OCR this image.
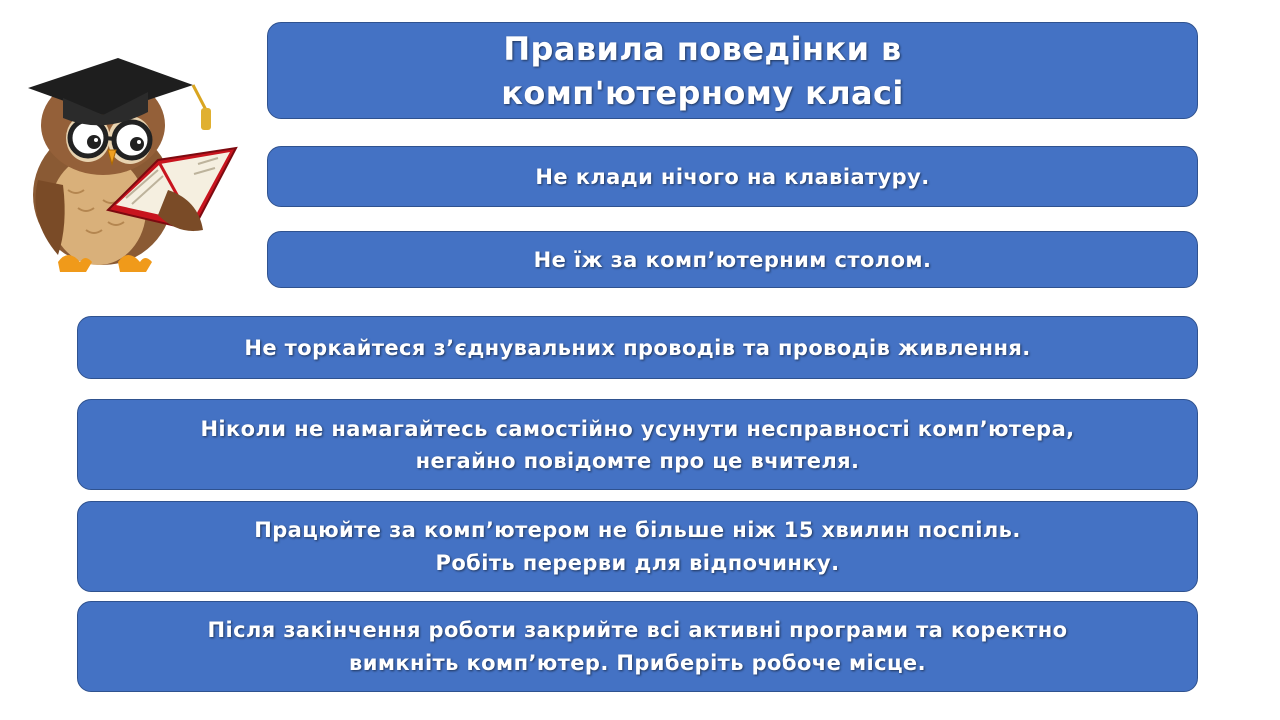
Правила поведінки в
комп'ютерному класі
Не клади нічого на клавіатуру.
Не їж за комп’ютерним столом.
Не торкайтеся з’єднувальних проводів та проводів живлення.
Ніколи не намагайтесь самостійно усунути несправності комп’ютера,
негайно повідомте про це вчителя.
Працюйте за комп’ютером не більше ніж 15 хвилин поспіль.
Робіть перерви для відпочинку.
Після закінчення роботи закрийте всі активні програми та коректно
вимкніть комп’ютер. Приберіть робоче місце.
